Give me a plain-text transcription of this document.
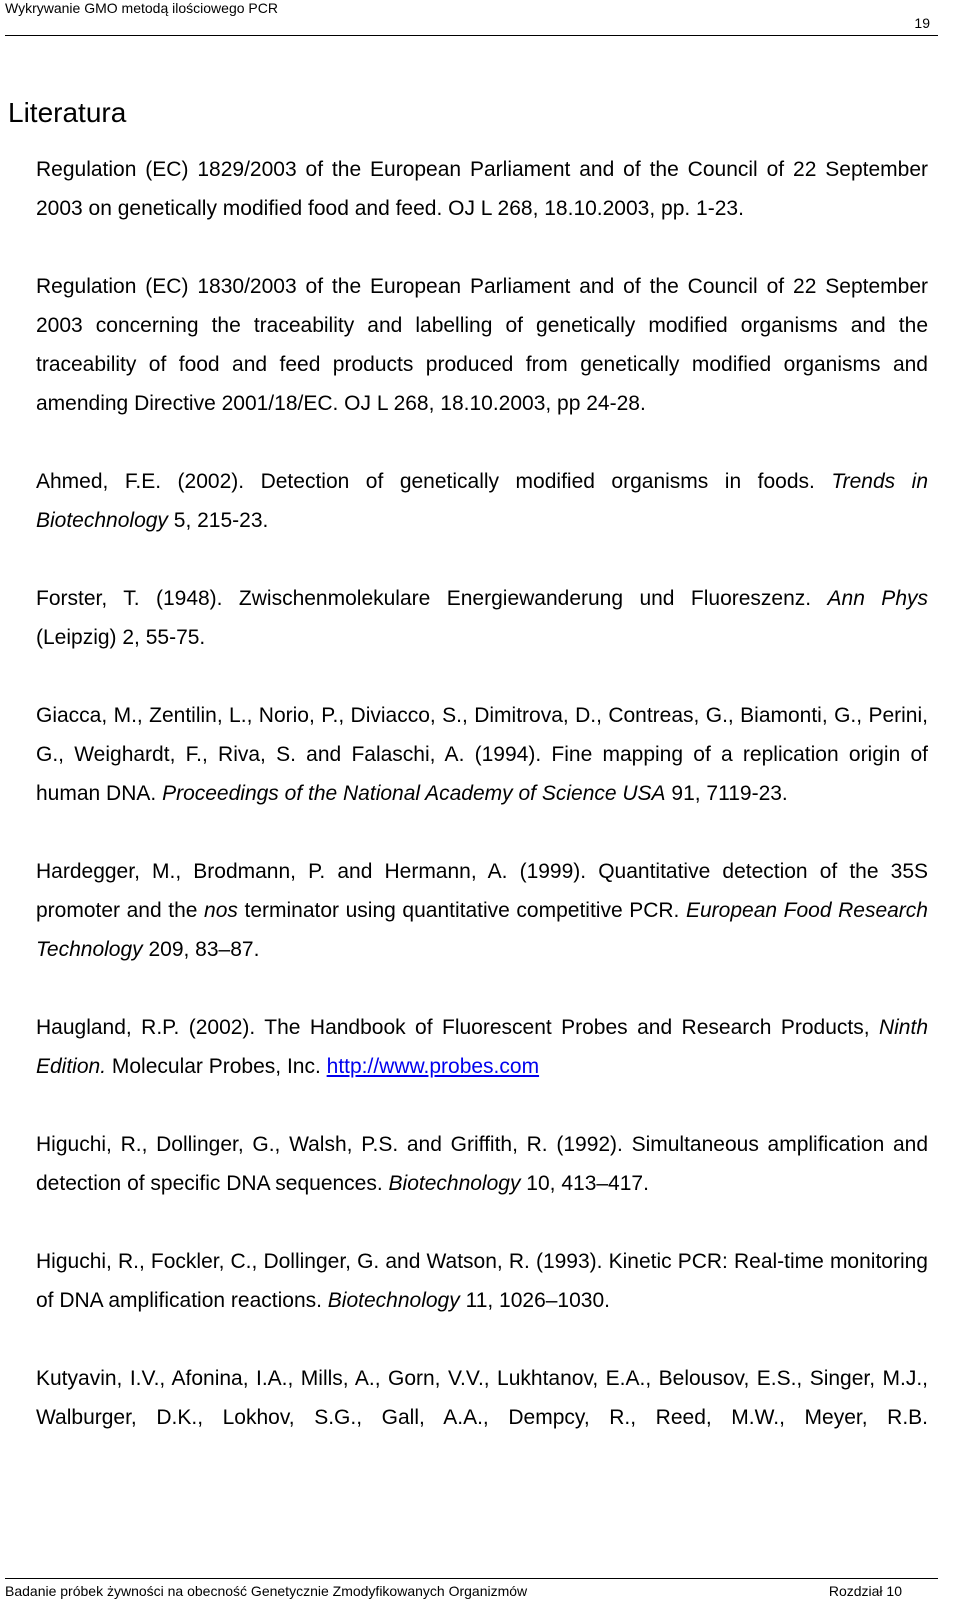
Wykrywanie GMO metodą ilościowego PCR
19
Literatura

Regulation (EC) 1829/2003 of the European Parliament and of the Council of 22 September 2003 on genetically modified food and feed. OJ L 268, 18.10.2003, pp. 1-23.

Regulation (EC) 1830/2003 of the European Parliament and of the Council of 22 September 2003 concerning the traceability and labelling of genetically modified organisms and the traceability of food and feed products produced from genetically modified organisms and amending Directive 2001/18/EC. OJ L 268, 18.10.2003, pp 24-28.

Ahmed, F.E. (2002). Detection of genetically modified organisms in foods. Trends in Biotechnology 5, 215-23.

Forster, T. (1948). Zwischenmolekulare Energiewanderung und Fluoreszenz. Ann Phys (Leipzig) 2, 55-75.

Giacca, M., Zentilin, L., Norio, P., Diviacco, S., Dimitrova, D., Contreas, G., Biamonti, G., Perini, G., Weighardt, F., Riva, S. and Falaschi, A. (1994). Fine mapping of a replication origin of human DNA. Proceedings of the National Academy of Science USA 91, 7119-23.

Hardegger, M., Brodmann, P. and Hermann, A. (1999). Quantitative detection of the 35S promoter and the nos terminator using quantitative competitive PCR. European Food Research Technology 209, 83–87.

Haugland, R.P. (2002). The Handbook of Fluorescent Probes and Research Products, Ninth Edition. Molecular Probes, Inc. http://www.probes.com

Higuchi, R., Dollinger, G., Walsh, P.S. and Griffith, R. (1992). Simultaneous amplification and detection of specific DNA sequences. Biotechnology 10, 413–417.

Higuchi, R., Fockler, C., Dollinger, G. and Watson, R. (1993). Kinetic PCR: Real-time monitoring of DNA amplification reactions. Biotechnology 11, 1026–1030.

Kutyavin, I.V., Afonina, I.A., Mills, A., Gorn, V.V., Lukhtanov, E.A., Belousov, E.S., Singer, M.J., Walburger, D.K., Lokhov, S.G., Gall, A.A., Dempcy, R., Reed, M.W., Meyer, R.B.

Badanie próbek żywności na obecność Genetycznie Zmodyfikowanych Organizmów	Rozdział 10
